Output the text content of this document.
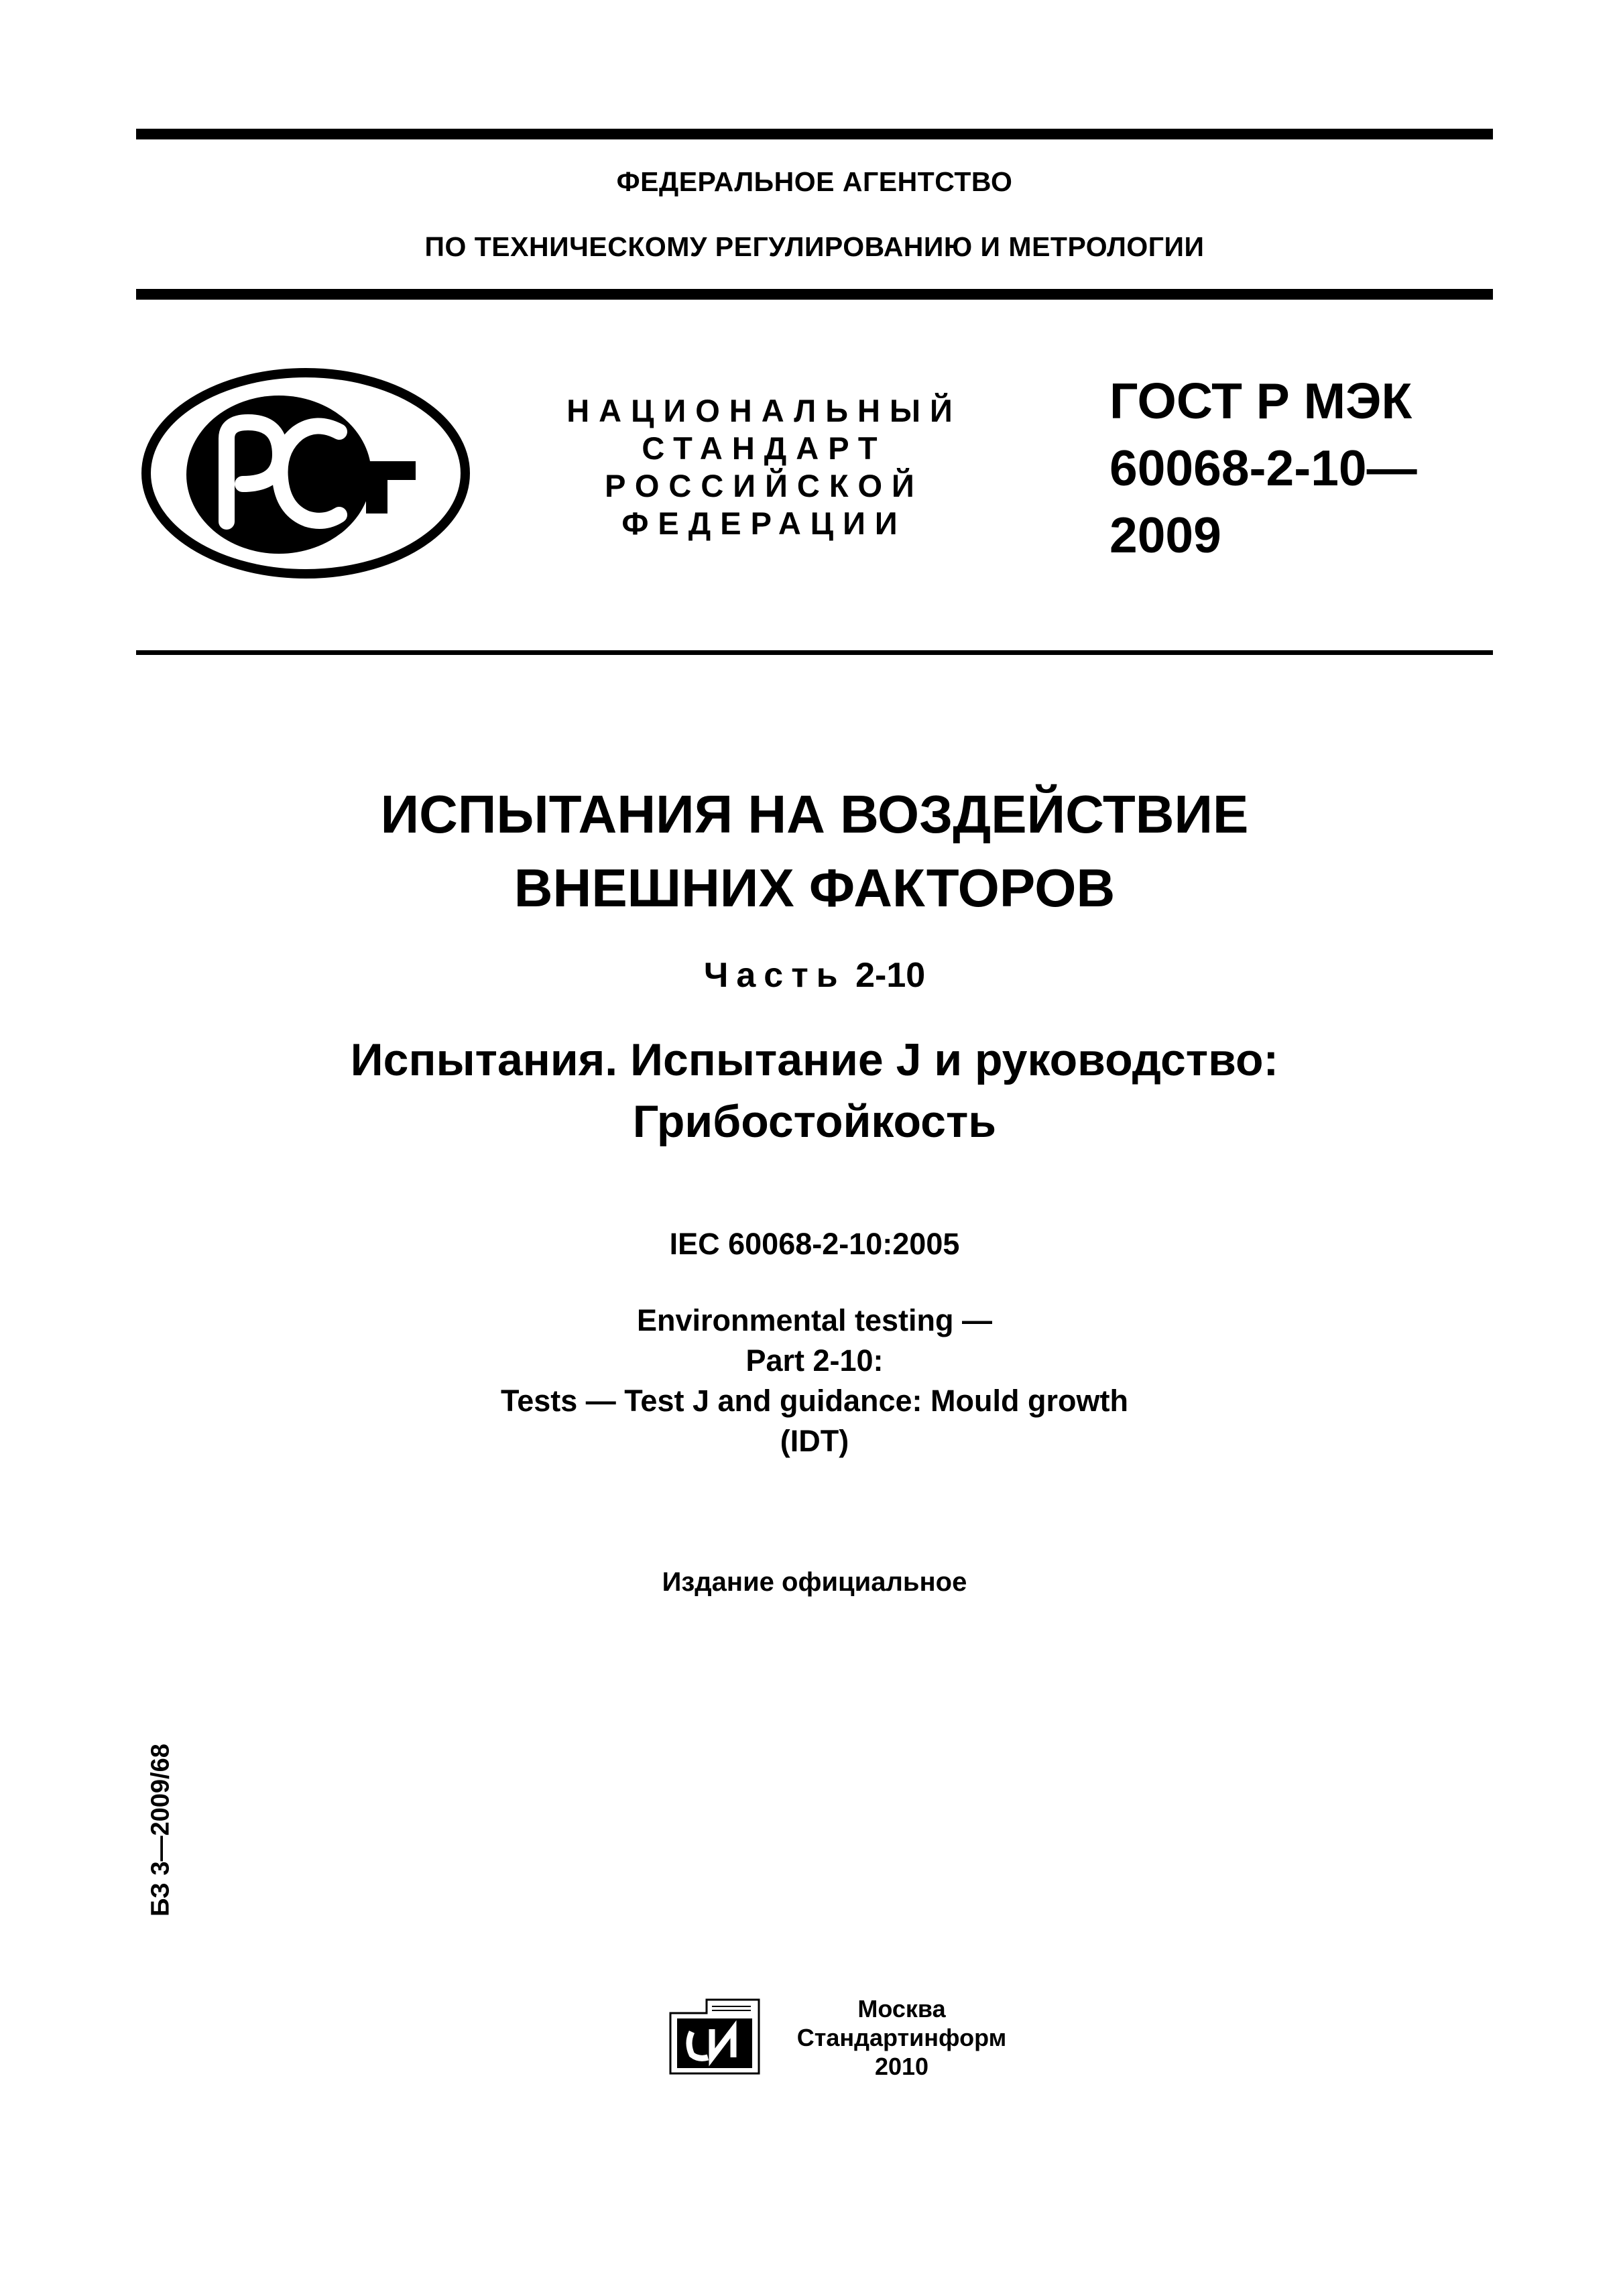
ФЕДЕРАЛЬНОЕ АГЕНТСТВО
ПО ТЕХНИЧЕСКОМУ РЕГУЛИРОВАНИЮ И МЕТРОЛОГИИ
НАЦИОНАЛЬНЫЙ
СТАНДАРТ
РОССИЙСКОЙ
ФЕДЕРАЦИИ
ГОСТ Р МЭК
60068-2-10—
2009
ИСПЫТАНИЯ НА ВОЗДЕЙСТВИЕ
ВНЕШНИХ ФАКТОРОВ
Часть 2-10
Испытания. Испытание J и руководство:
Грибостойкость
IEC 60068-2-10:2005
Environmental testing —
Part 2-10:
Tests — Test J and guidance: Mould growth
(IDT)
Издание официальное
БЗ 3—2009/68
Москва
Стандартинформ
2010
